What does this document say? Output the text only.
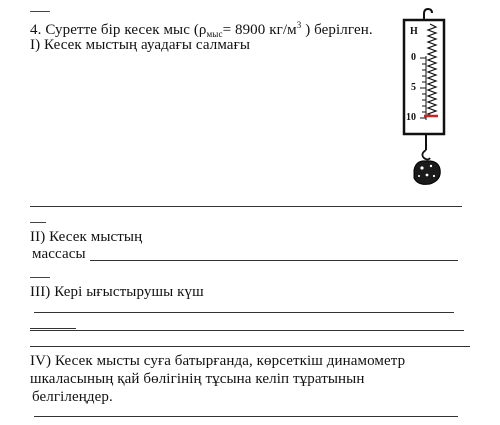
4. Суретте бір кесек мыс ($\rho_{мыс}= 8900$ $кг/м^3$ ) берілген.
I) Кесек мыстың ауадағы салмағы
Н
0
5
10
II) Кесек мыстың
массасы
III) Кері ығыстырушы күш
IV) Кесек мысты суға батырғанда, көрсеткіш динамометр
шкаласының қай бөлігінің тұсына келіп тұратынын
белгілеңдер.
